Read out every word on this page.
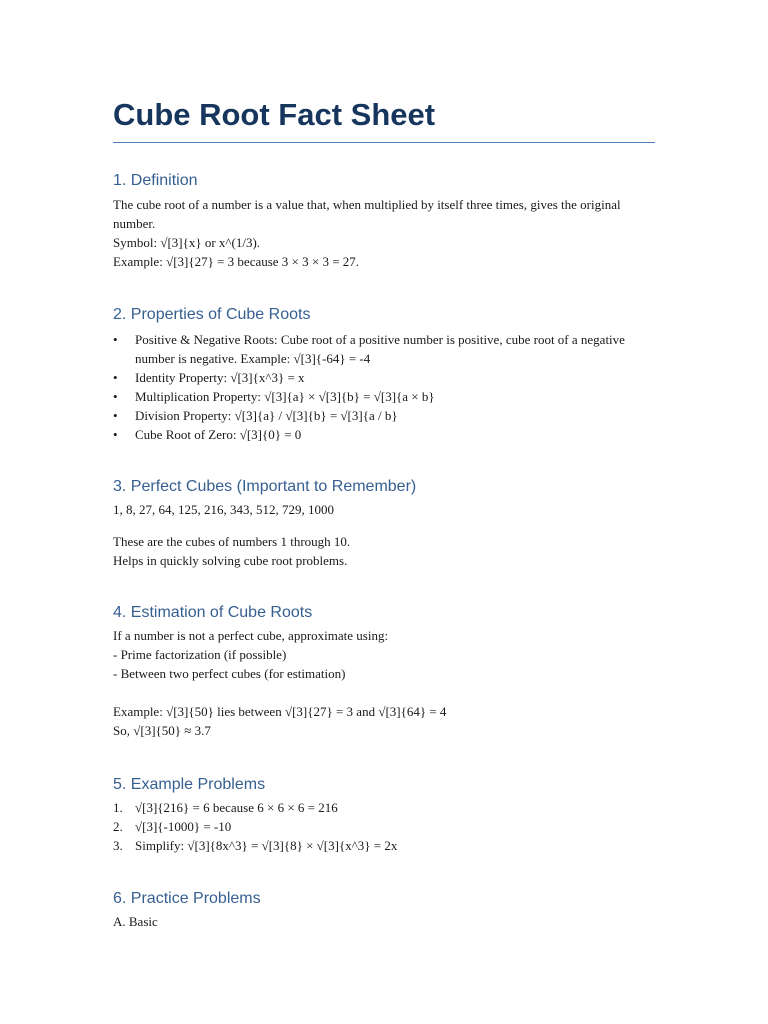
Cube Root Fact Sheet
1. Definition

The cube root of a number is a value that, when multiplied by itself three times, gives the original number.

Symbol: √[3]{x} or x^(1/3).

Example: √[3]{27} = 3 because 3 × 3 × 3 = 27.

2. Properties of Cube Roots
• Positive & Negative Roots: Cube root of a positive number is positive, cube root of a negative number is negative. Example: √[3]{-64} = -4
• Identity Property: √[3]{x^3} = x
• Multiplication Property: √[3]{a} × √[3]{b} = √[3]{a × b}
• Division Property: √[3]{a} / √[3]{b} = √[3]{a / b}
• Cube Root of Zero: √[3]{0} = 0
3. Perfect Cubes (Important to Remember)

1, 8, 27, 64, 125, 216, 343, 512, 729, 1000

These are the cubes of numbers 1 through 10.

Helps in quickly solving cube root problems.

4. Estimation of Cube Roots

If a number is not a perfect cube, approximate using:

- Prime factorization (if possible)

- Between two perfect cubes (for estimation)

Example: √[3]{50} lies between √[3]{27} = 3 and √[3]{64} = 4

So, √[3]{50} ≈ 3.7

5. Example Problems
1. √[3]{216} = 6 because 6 × 6 × 6 = 216
2. √[3]{-1000} = -10
3. Simplify: √[3]{8x^3} = √[3]{8} × √[3]{x^3} = 2x
6. Practice Problems

A. Basic
